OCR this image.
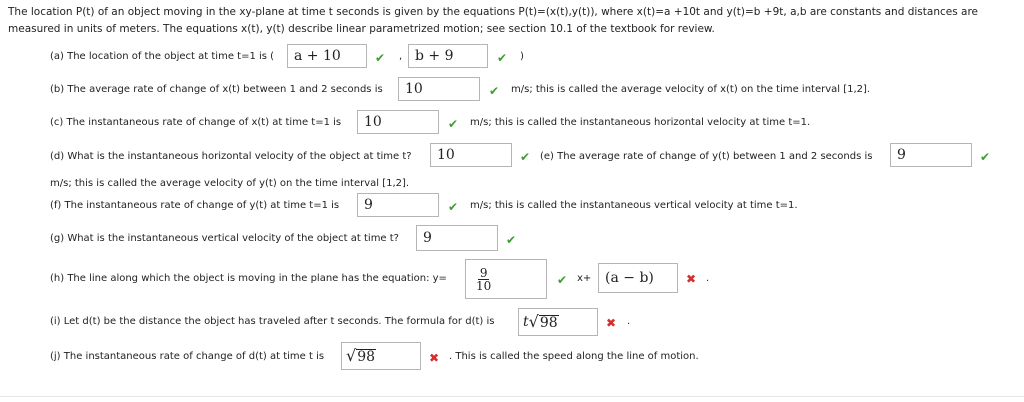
The location P(t) of an object moving in the xy-plane at time t seconds is given by the equations P(t)=(x(t),y(t)), where x(t)=a +10t and y(t)=b +9t, a,b are constants and distances are
measured in units of meters. The equations x(t), y(t) describe linear parametrized motion; see section 10.1 of the textbook for review.
(a) The location of the object at time t=1 is (	a + 10	✔ , b + 9	✔ )
(b) The average rate of change of x(t) between 1 and 2 seconds is	10	✔ m/s; this is called the average velocity of x(t) on the time interval [1,2].
(c) The instantaneous rate of change of x(t) at time t=1 is	10	✔ m/s; this is called the instantaneous horizontal velocity at time t=1.
(d) What is the instantaneous horizontal velocity of the object at time t?	10	✔ (e) The average rate of change of y(t) between 1 and 2 seconds is	9	✔
m/s; this is called the average velocity of y(t) on the time interval [1,2].
(f) The instantaneous rate of change of y(t) at time t=1 is	9	✔ m/s; this is called the instantaneous vertical velocity at time t=1.
(g) What is the instantaneous vertical velocity of the object at time t?	9	✔
(h) The line along which the object is moving in the plane has the equation: $y= \frac{9}{10}$	✔ x+ (a − b)	✖ .
(i) Let d(t) be the distance the object has traveled after t seconds. The formula for d(t) is t √ 98	✖ .
(j) The instantaneous rate of change of d(t) at time t is √ 98	✖ . This is called the speed along the line of motion.
